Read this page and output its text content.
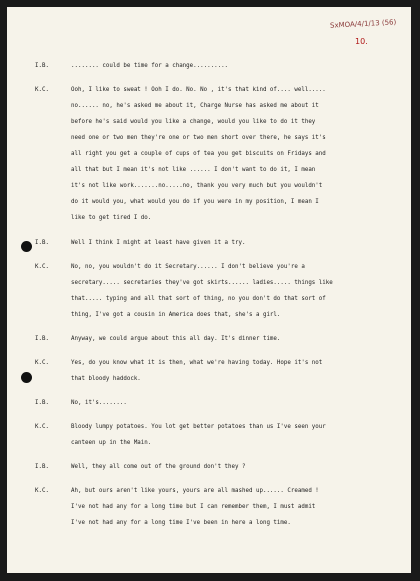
SxMOA/4/1/13 (56)
10.
I.B.	........ could be time for a change..........
K.C.	Ooh, I like to sweat ! Ooh I do. No. No , it's that kind of.... well.....
no...... no, he's asked me about it, Charge Nurse has asked me about it
before he's said would you like a change, would you like to do it they
need one or two men they're one or two men short over there, he says it's
all right you get a couple of cups of tea you get biscuits on Fridays and
all that but I mean it's not like ...... I don't want to do it, I mean
it's not like work.......no.....no, thank you very much but you wouldn't
do it would you, what would you do if you were in my position, I mean I
like to get tired I do.
I.B.	Well I think I might at least have given it a try.
K.C.	No, no, you wouldn't do it Secretary...... I don't believe you're a
secretary..... secretaries they've got skirts...... ladies..... things like
that..... typing and all that sort of thing, no you don't do that sort of
thing, I've got a cousin in America does that, she's a girl.
I.B.	Anyway, we could argue about this all day. It's dinner time.
K.C.	Yes, do you know what it is then, what we're having today. Hope it's not
that bloody haddock.
I.B.	No, it's........
K.C.	Bloody lumpy potatoes. You lot get better potatoes than us I've seen your
canteen up in the Main.
I.B.	Well, they all come out of the ground don't they ?
K.C.	Ah, but ours aren't like yours, yours are all mashed up...... Creamed !
I've not had any for a long time but I can remember them, I must admit
I've not had any for a long time I've been in here a long time.
